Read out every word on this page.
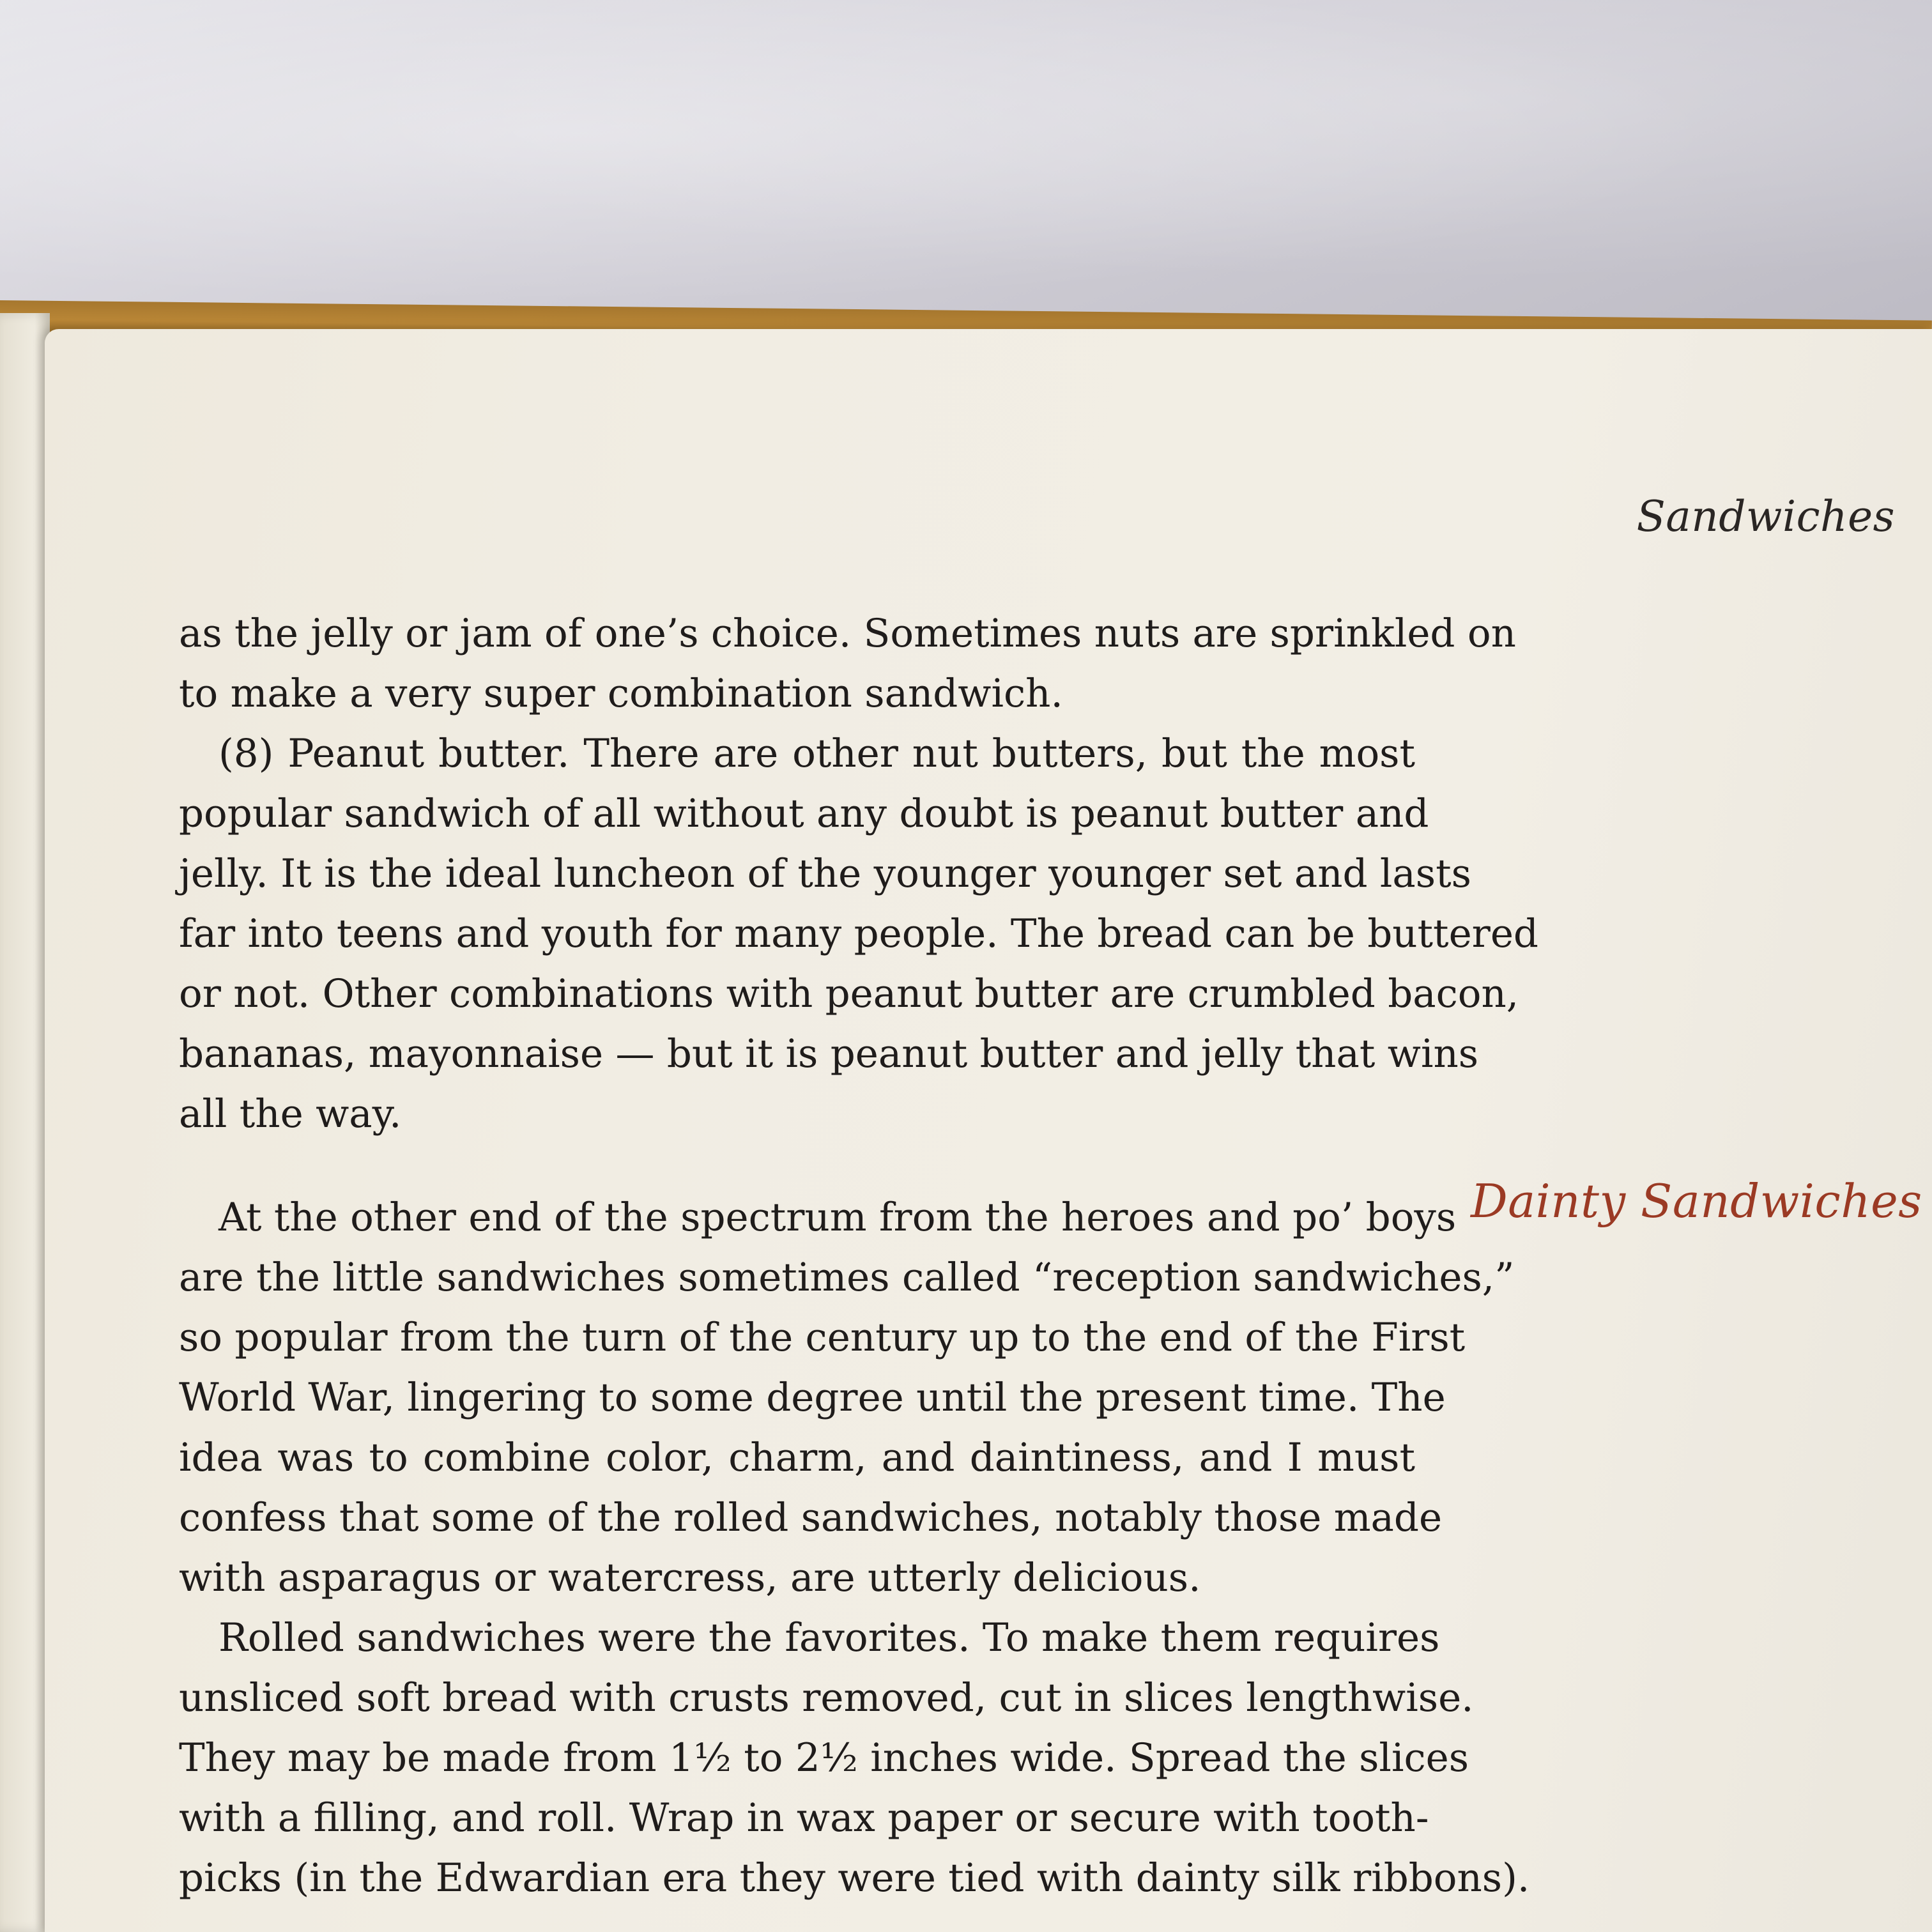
Sandwiches
Dainty Sandwiches
as the jelly or jam of one’s choice. Sometimes nuts are sprinkled on
to make a very super combination sandwich.
(8) Peanut butter. There are other nut butters, but the most
popular sandwich of all without any doubt is peanut butter and
jelly. It is the ideal luncheon of the younger younger set and lasts
far into teens and youth for many people. The bread can be buttered
or not. Other combinations with peanut butter are crumbled bacon,
bananas, mayonnaise — but it is peanut butter and jelly that wins
all the way.
At the other end of the spectrum from the heroes and po’ boys
are the little sandwiches sometimes called “reception sandwiches,”
so popular from the turn of the century up to the end of the First
World War, lingering to some degree until the present time. The
idea was to combine color, charm, and daintiness, and I must
confess that some of the rolled sandwiches, notably those made
with asparagus or watercress, are utterly delicious.
Rolled sandwiches were the favorites. To make them requires
unsliced soft bread with crusts removed, cut in slices lengthwise.
They may be made from 1½ to 2½ inches wide. Spread the slices
with a filling, and roll. Wrap in wax paper or secure with tooth-
picks (in the Edwardian era they were tied with dainty silk ribbons).
